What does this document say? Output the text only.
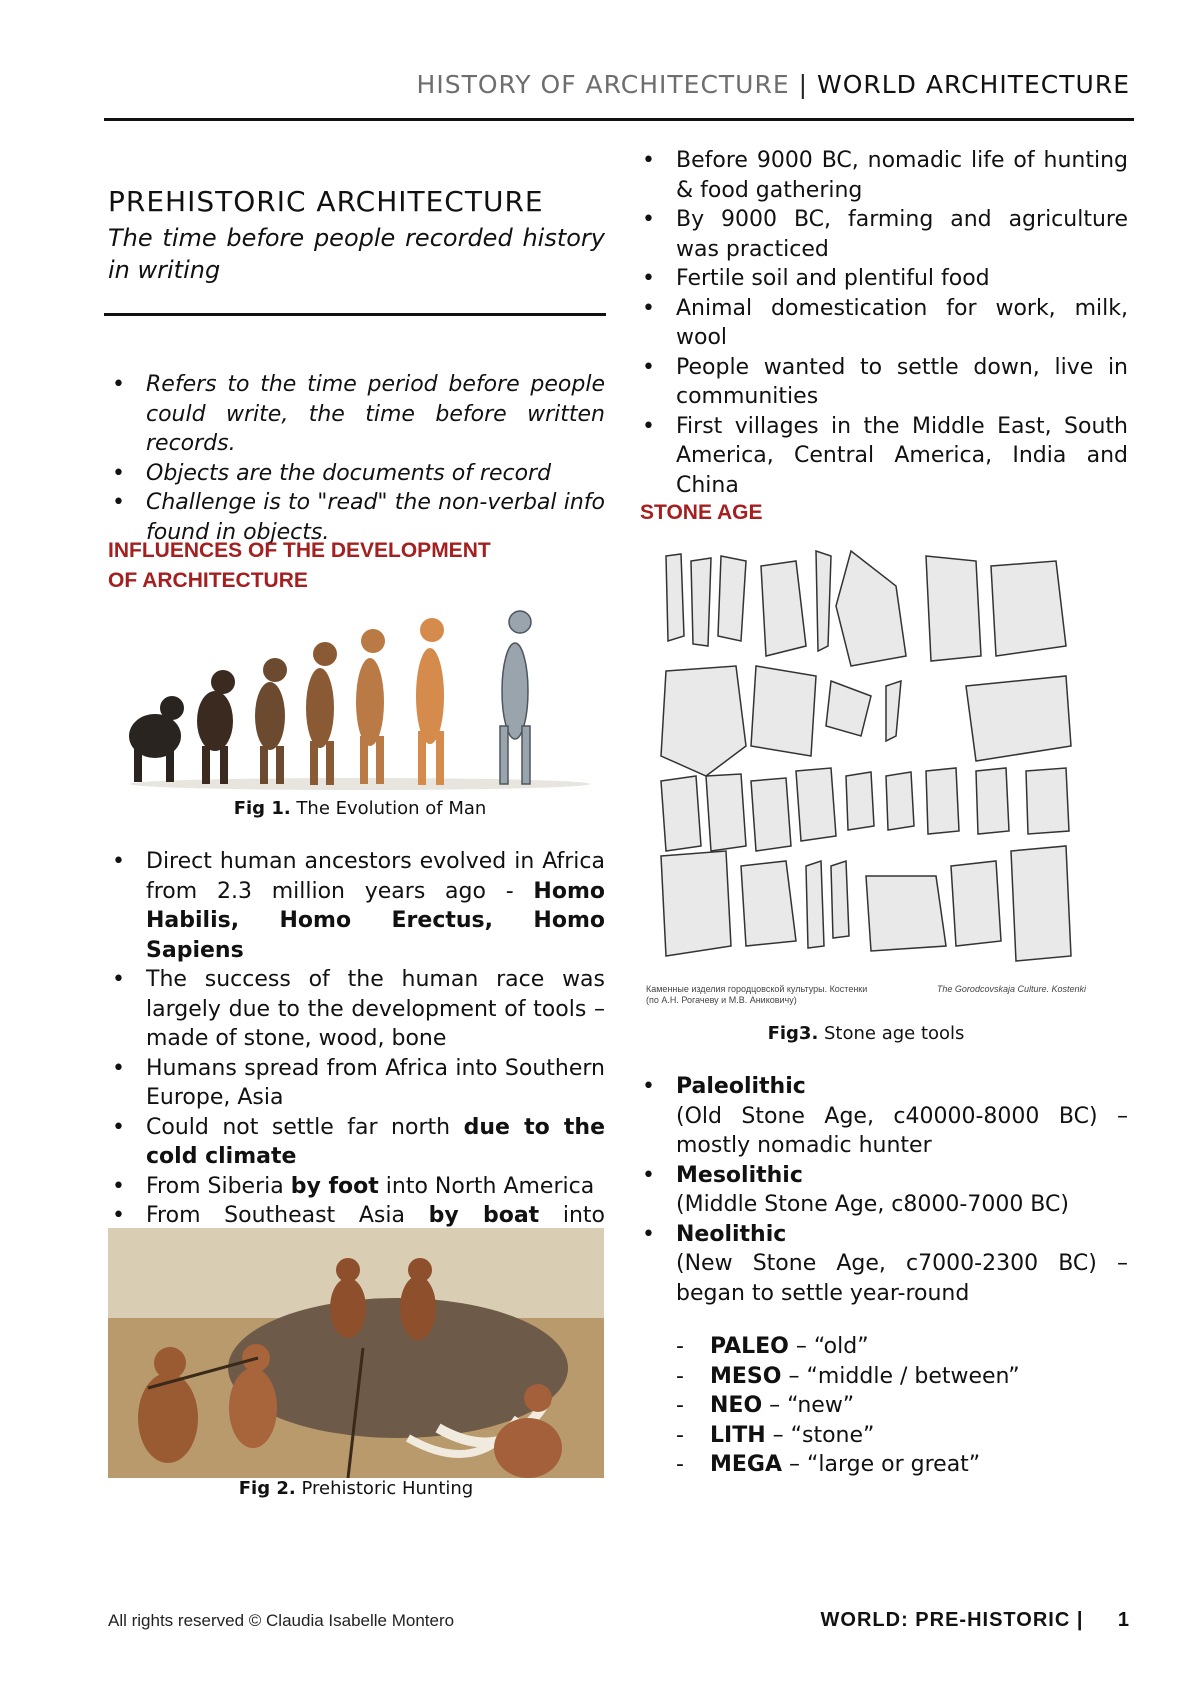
HISTORY OF ARCHITECTURE | WORLD ARCHITECTURE
PREHISTORIC ARCHITECTURE
The time before people recorded history in writing
• Refers to the time period before people could write, the time before written records.
• Objects are the documents of record
• Challenge is to "read" the non-verbal info found in objects.
INFLUENCES OF THE DEVELOPMENT
OF ARCHITECTURE
Fig 1. The Evolution of Man
• Direct human ancestors evolved in Africa from 2.3 million years ago - Homo Habilis, Homo Erectus, Homo Sapiens
• The success of the human race was largely due to the development of tools – made of stone, wood, bone
• Humans spread from Africa into Southern Europe, Asia
• Could not settle far north due to the cold climate
• From Siberia by foot into North America
• From Southeast Asia by boat into
Fig 2. Prehistoric Hunting
• Before 9000 BC, nomadic life of hunting & food gathering
• By 9000 BC, farming and agriculture was practiced
• Fertile soil and plentiful food
• Animal domestication for work, milk, wool
• People wanted to settle down, live in communities
• First villages in the Middle East, South America, Central America, India and China
STONE AGE
Каменные изделия городцовской культуры. Костенки
(по А.Н. Рогачеву и М.В. Аниковичу)
The Gorodcovskaja Culture. Kostenki
Fig3. Stone age tools
• Paleolithic
(Old Stone Age, c40000-8000 BC) – mostly nomadic hunter
• Mesolithic
(Middle Stone Age, c8000-7000 BC)
• Neolithic
(New Stone Age, c7000-2300 BC) – began to settle year-round
- PALEO – “old”
- MESO – “middle / between”
- NEO – “new”
- LITH – “stone”
- MEGA – “large or great”
All rights reserved © Claudia Isabelle Montero	WORLD: PRE-HISTORIC | 1
